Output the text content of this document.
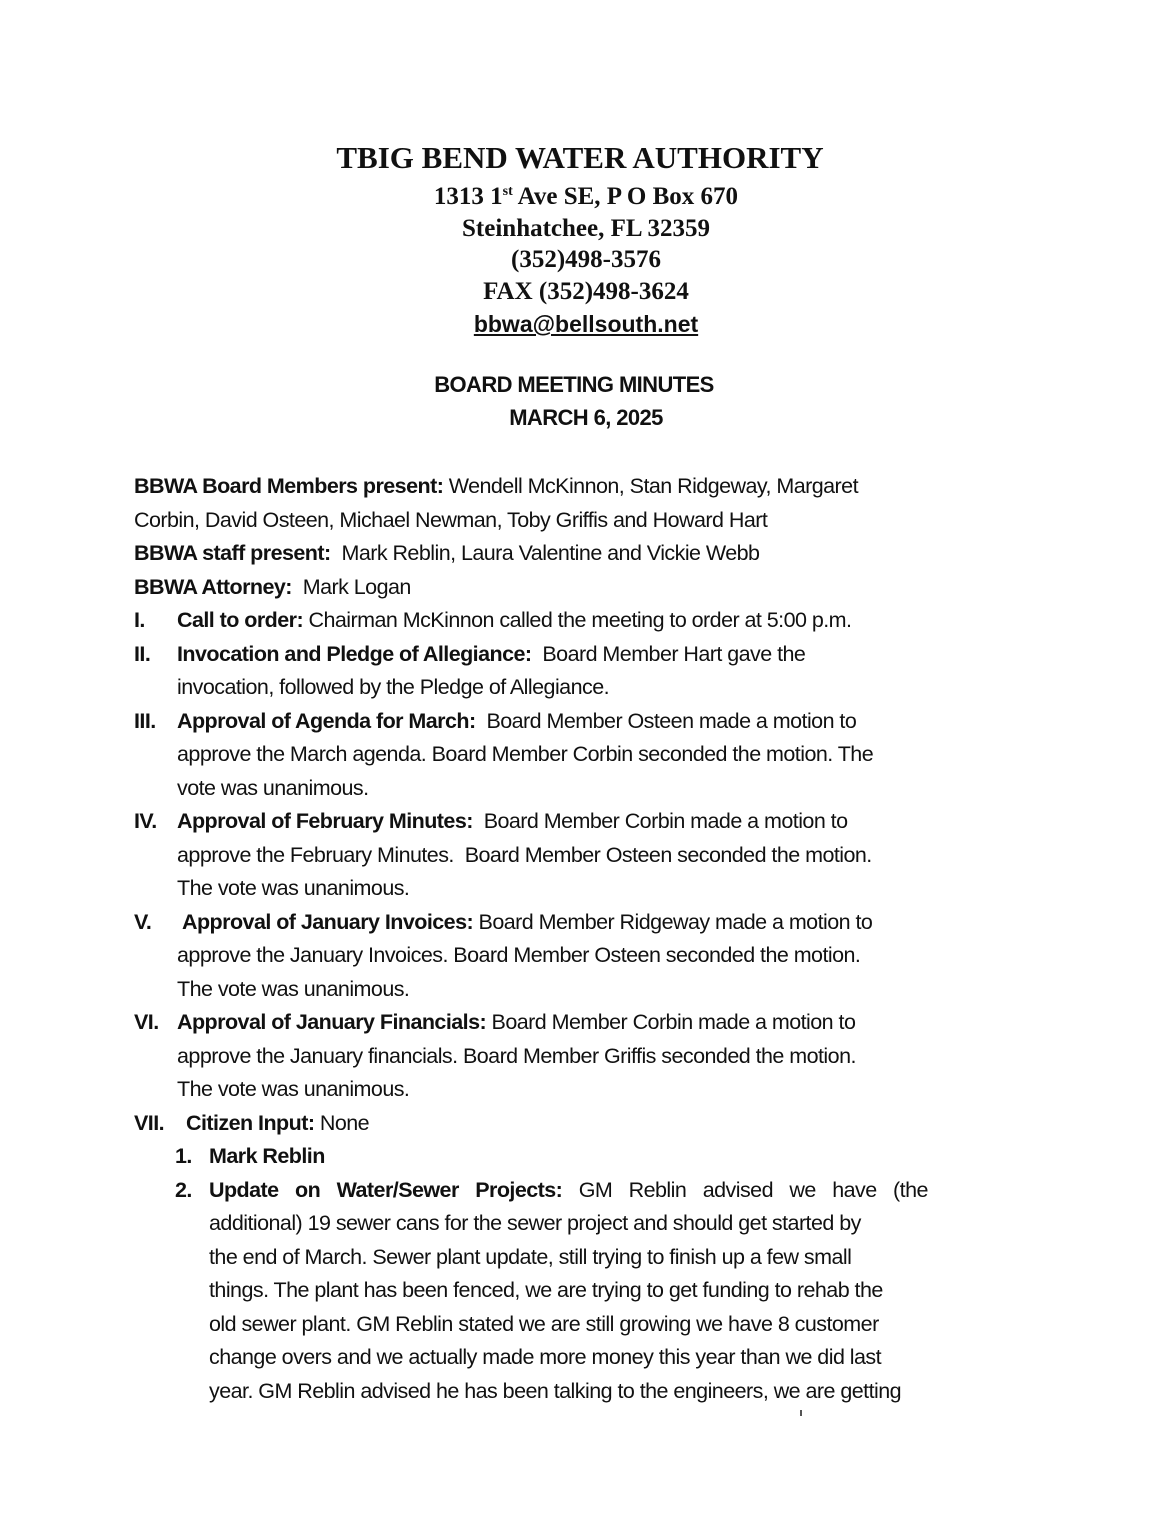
TBIG BEND WATER AUTHORITY
1313 1st Ave SE, P O Box 670
Steinhatchee, FL 32359
(352)498-3576
FAX (352)498-3624
bbwa@bellsouth.net
BOARD MEETING MINUTES
MARCH 6, 2025
BBWA Board Members present: Wendell McKinnon, Stan Ridgeway, Margaret
Corbin, David Osteen, Michael Newman, Toby Griffis and Howard Hart
BBWA staff present:  Mark Reblin, Laura Valentine and Vickie Webb
BBWA Attorney:  Mark Logan
I. Call to order: Chairman McKinnon called the meeting to order at 5:00 p.m.
II. Invocation and Pledge of Allegiance:  Board Member Hart gave the
invocation, followed by the Pledge of Allegiance.
III. Approval of Agenda for March:  Board Member Osteen made a motion to
approve the March agenda. Board Member Corbin seconded the motion. The
vote was unanimous.
IV. Approval of February Minutes:  Board Member Corbin made a motion to
approve the February Minutes.  Board Member Osteen seconded the motion.
The vote was unanimous.
V. Approval of January Invoices: Board Member Ridgeway made a motion to
approve the January Invoices. Board Member Osteen seconded the motion.
The vote was unanimous.
VI. Approval of January Financials: Board Member Corbin made a motion to
approve the January financials. Board Member Griffis seconded the motion.
The vote was unanimous.
VII. Citizen Input: None
1. Mark Reblin
2. Update on Water/Sewer Projects: GM Reblin advised we have (the
additional) 19 sewer cans for the sewer project and should get started by
the end of March. Sewer plant update, still trying to finish up a few small
things. The plant has been fenced, we are trying to get funding to rehab the
old sewer plant. GM Reblin stated we are still growing we have 8 customer
change overs and we actually made more money this year than we did last
year. GM Reblin advised he has been talking to the engineers, we are getting
